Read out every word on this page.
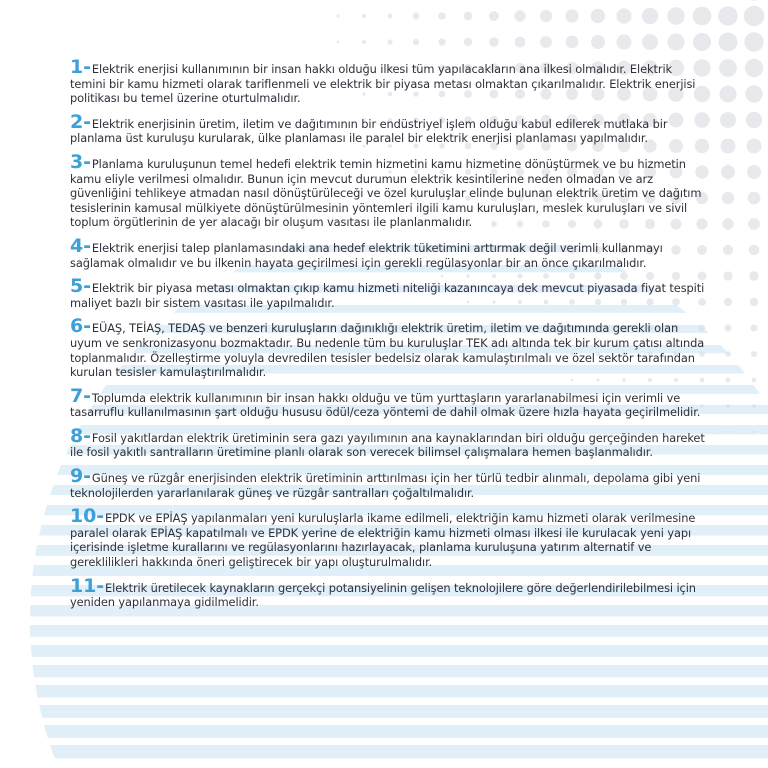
1-Elektrik enerjisi kullanımının bir insan hakkı olduğu ilkesi tüm yapılacakların ana ilkesi olmalıdır. Elektrik temini bir kamu hizmeti olarak tariflenmeli ve elektrik bir piyasa metası olmaktan çıkarılmalıdır. Elektrik enerjisi politikası bu temel üzerine oturtulmalıdır.

2-Elektrik enerjisinin üretim, iletim ve dağıtımının bir endüstriyel işlem olduğu kabul edilerek mutlaka bir planlama üst kuruluşu kurularak, ülke planlaması ile paralel bir elektrik enerjisi planlaması yapılmalıdır.

3-Planlama kuruluşunun temel hedefi elektrik temin hizmetini kamu hizmetine dönüştürmek ve bu hizmetin kamu eliyle verilmesi olmalıdır. Bunun için mevcut durumun elektrik kesintilerine neden olmadan ve arz güvenliğini tehlikeye atmadan nasıl dönüştürüleceği ve özel kuruluşlar elinde bulunan elektrik üretim ve dağıtım tesislerinin kamusal mülkiyete dönüştürülmesinin yöntemleri ilgili kamu kuruluşları, meslek kuruluşları ve sivil toplum örgütlerinin de yer alacağı bir oluşum vasıtası ile planlanmalıdır.

4-Elektrik enerjisi talep planlamasındaki ana hedef elektrik tüketimini arttırmak değil verimli kullanmayı sağlamak olmalıdır ve bu ilkenin hayata geçirilmesi için gerekli regülasyonlar bir an önce çıkarılmalıdır.

5-Elektrik bir piyasa metası olmaktan çıkıp kamu hizmeti niteliği kazanıncaya dek mevcut piyasada fiyat tespiti maliyet bazlı bir sistem vasıtası ile yapılmalıdır.

6-EÜAŞ, TEİAŞ, TEDAŞ ve benzeri kuruluşların dağınıklığı elektrik üretim, iletim ve dağıtımında gerekli olan uyum ve senkronizasyonu bozmaktadır. Bu nedenle tüm bu kuruluşlar TEK adı altında tek bir kurum çatısı altında toplanmalıdır. Özelleştirme yoluyla devredilen tesisler bedelsiz olarak kamulaştırılmalı ve özel sektör tarafından kurulan tesisler kamulaştırılmalıdır.

7-Toplumda elektrik kullanımının bir insan hakkı olduğu ve tüm yurttaşların yararlanabilmesi için verimli ve tasarruflu kullanılmasının şart olduğu hususu ödül/ceza yöntemi de dahil olmak üzere hızla hayata geçirilmelidir.

8-Fosil yakıtlardan elektrik üretiminin sera gazı yayılımının ana kaynaklarından biri olduğu gerçeğinden hareket ile fosil yakıtlı santralların üretimine planlı olarak son verecek bilimsel çalışmalara hemen başlanmalıdır.

9-Güneş ve rüzgâr enerjisinden elektrik üretiminin arttırılması için her türlü tedbir alınmalı, depolama gibi yeni teknolojilerden yararlanılarak güneş ve rüzgâr santralları çoğaltılmalıdır.

10-EPDK ve EPİAŞ yapılanmaları yeni kuruluşlarla ikame edilmeli, elektriğin kamu hizmeti olarak verilmesine paralel olarak EPİAŞ kapatılmalı ve EPDK yerine de elektriğin kamu hizmeti olması ilkesi ile kurulacak yeni yapı içerisinde işletme kurallarını ve regülasyonlarını hazırlayacak, planlama kuruluşuna yatırım alternatif ve gereklilikleri hakkında öneri geliştirecek bir yapı oluşturulmalıdır.

11-Elektrik üretilecek kaynakların gerçekçi potansiyelinin gelişen teknolojilere göre değerlendirilebilmesi için yeniden yapılanmaya gidilmelidir.
